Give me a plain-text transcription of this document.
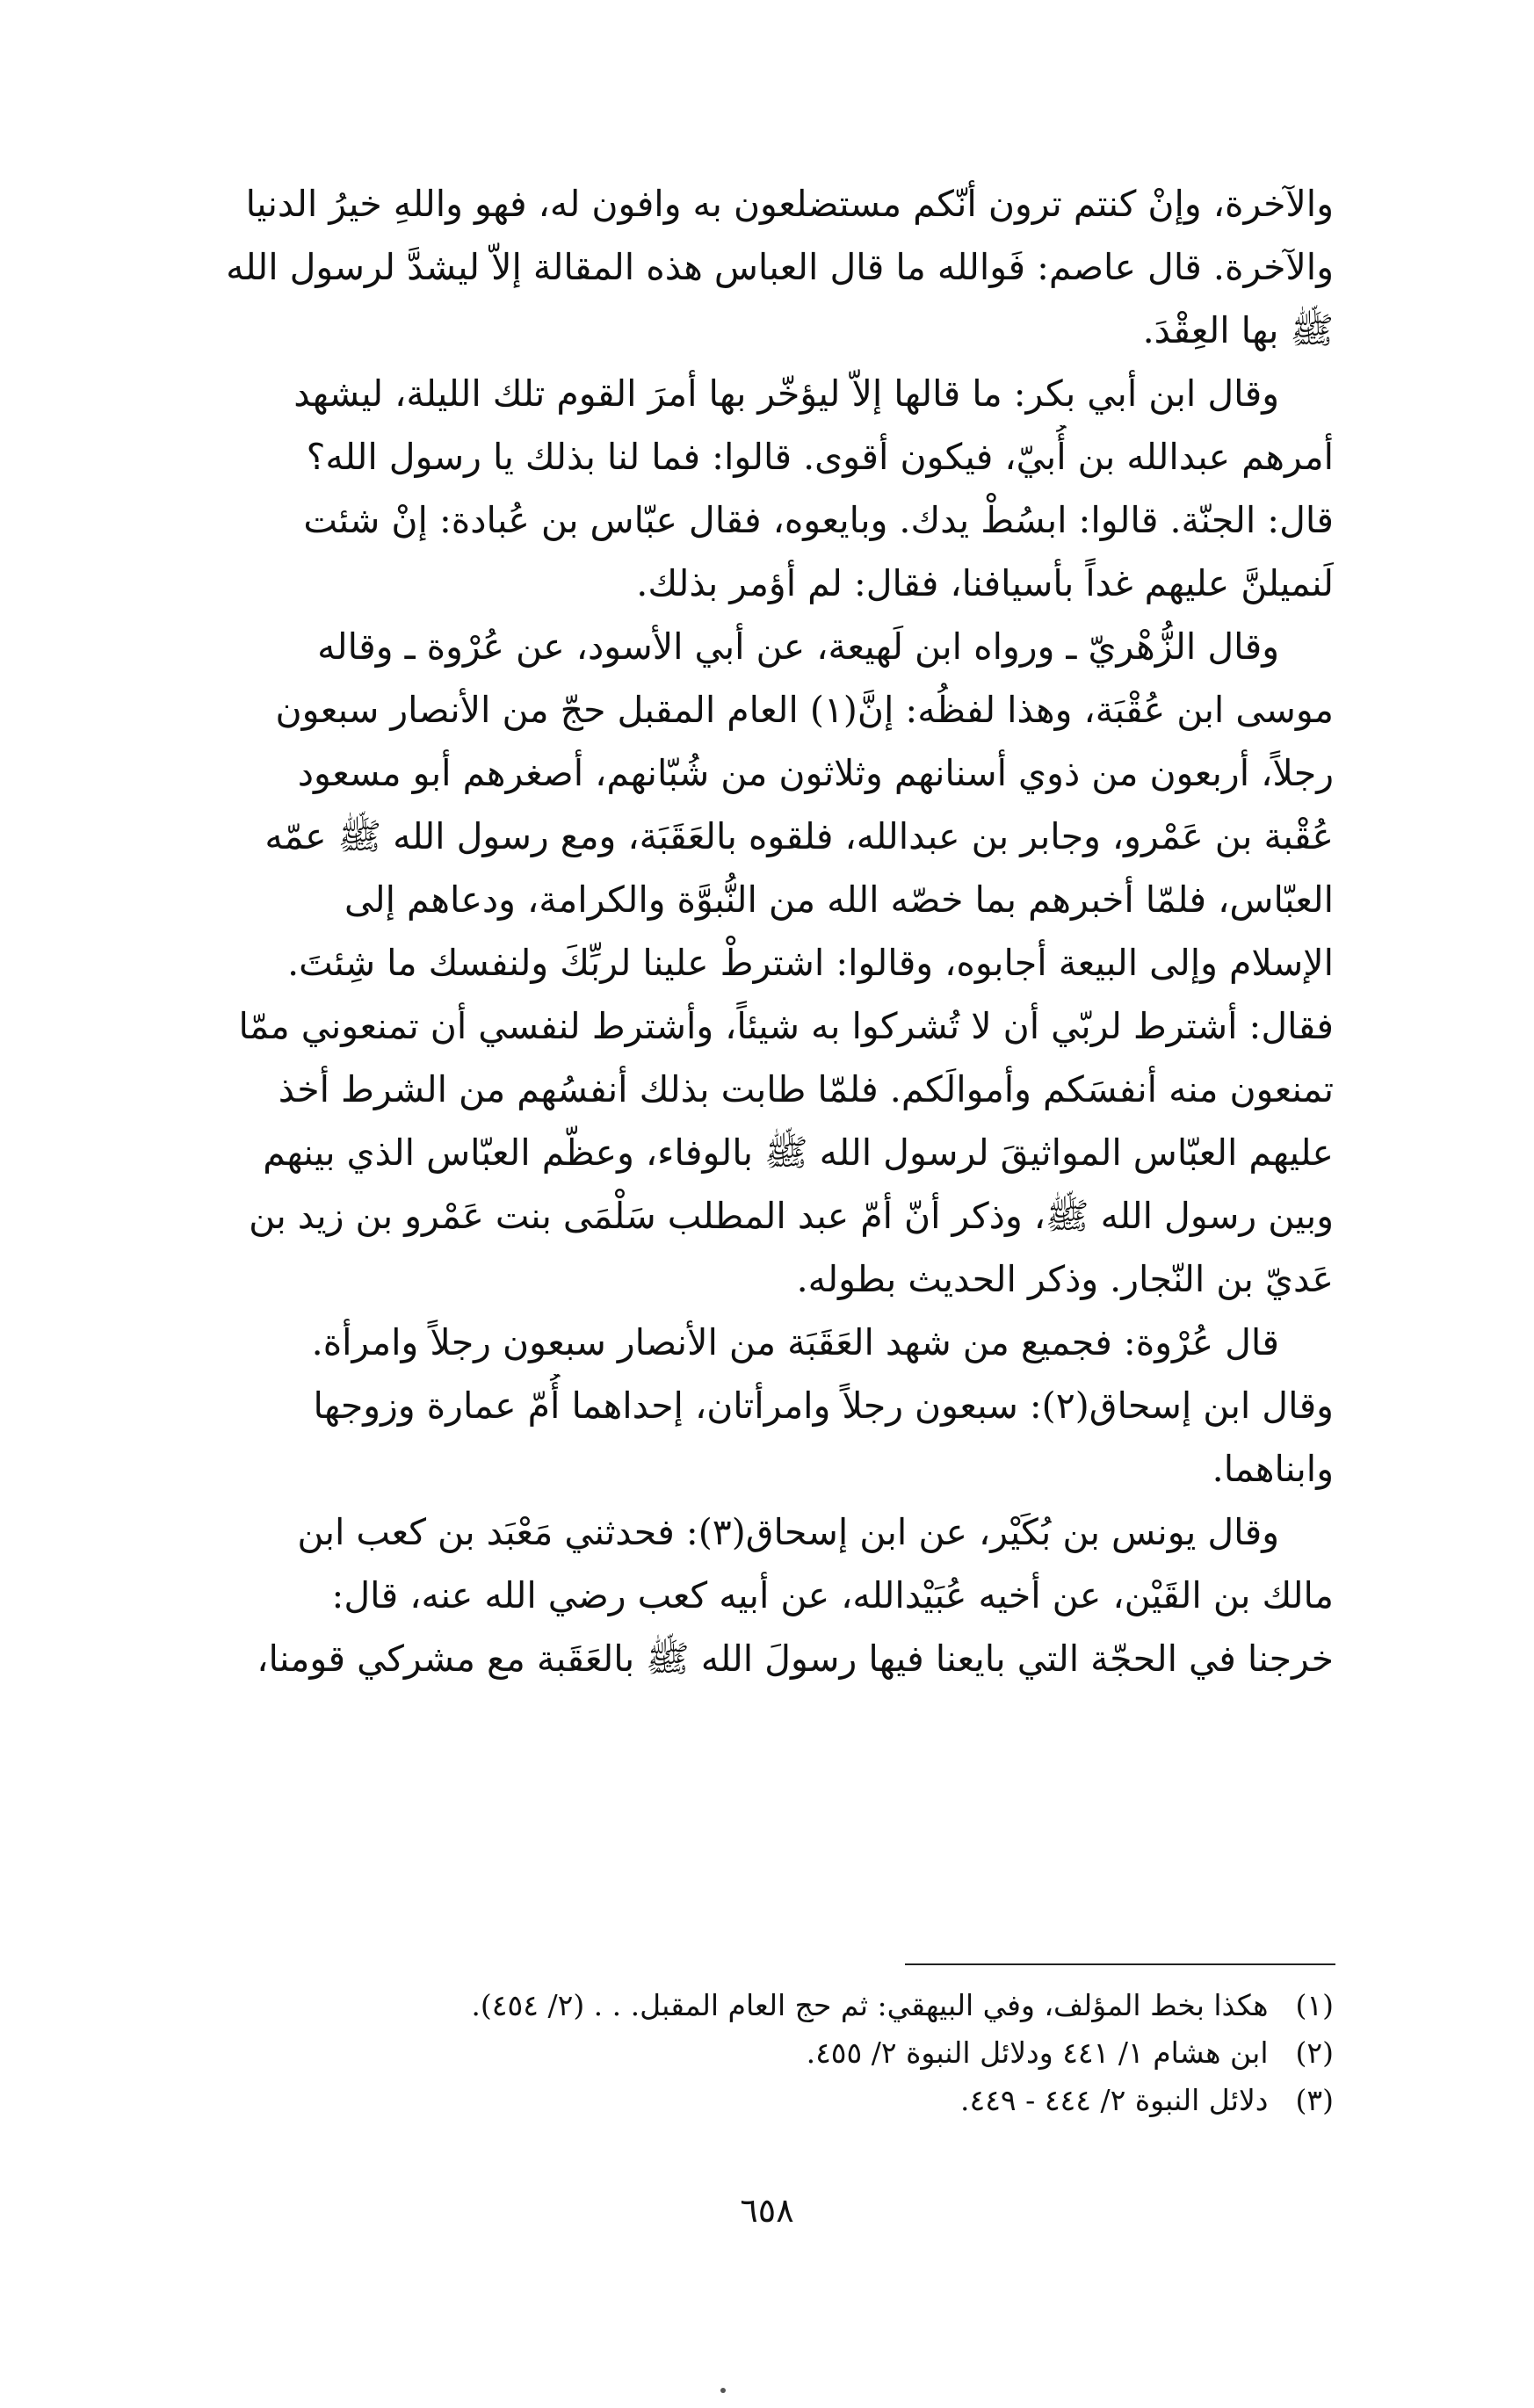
والآخرة، وإنْ كنتم ترون أنّكم مستضلعون به وافون له، فهو واللهِ خيرُ الدنيا
والآخرة. قال عاصم: فَوالله ما قال العباس هذه المقالة إلاّ ليشدَّ لرسول الله
ﷺ بها العِقْدَ.
وقال ابن أبي بكر: ما قالها إلاّ ليؤخّر بها أمرَ القوم تلك الليلة، ليشهد
أمرهم عبدالله بن أُبيّ، فيكون أقوى. قالوا: فما لنا بذلك يا رسول الله؟
قال: الجنّة. قالوا: ابسُطْ يدك. وبايعوه، فقال عبّاس بن عُبادة: إنْ شئت
لَنميلنَّ عليهم غداً بأسيافنا، فقال: لم أؤمر بذلك.
وقال الزُّهْريّ ـ ورواه ابن لَهيعة، عن أبي الأسود، عن عُرْوة ـ وقاله
موسى ابن عُقْبَة، وهذا لفظُه: إنَّ(١) العام المقبل حجّ من الأنصار سبعون
رجلاً، أربعون من ذوي أسنانهم وثلاثون من شُبّانهم، أصغرهم أبو مسعود
عُقْبة بن عَمْرو، وجابر بن عبدالله، فلقوه بالعَقَبَة، ومع رسول الله ﷺ عمّه
العبّاس، فلمّا أخبرهم بما خصّه الله من النُّبوَّة والكرامة، ودعاهم إلى
الإسلام وإلى البيعة أجابوه، وقالوا: اشترطْ علينا لربِّكَ ولنفسك ما شِئتَ.
فقال: أشترط لربّي أن لا تُشركوا به شيئاً، وأشترط لنفسي أن تمنعوني ممّا
تمنعون منه أنفسَكم وأموالَكم. فلمّا طابت بذلك أنفسُهم من الشرط أخذ
عليهم العبّاس المواثيقَ لرسول الله ﷺ بالوفاء، وعظّم العبّاس الذي بينهم
وبين رسول الله ﷺ، وذكر أنّ أمّ عبد المطلب سَلْمَى بنت عَمْرو بن زيد بن
عَديّ بن النّجار. وذكر الحديث بطوله.
قال عُرْوة: فجميع من شهد العَقَبَة من الأنصار سبعون رجلاً وامرأة.
وقال ابن إسحاق(٢): سبعون رجلاً وامرأتان، إحداهما أُمّ عمارة وزوجها
وابناهما.
وقال يونس بن بُكَيْر، عن ابن إسحاق(٣): فحدثني مَعْبَد بن كعب ابن
مالك بن القَيْن، عن أخيه عُبَيْدالله، عن أبيه كعب رضي الله عنه، قال:
خرجنا في الحجّة التي بايعنا فيها رسولَ الله ﷺ بالعَقَبة مع مشركي قومنا،
(١) هكذا بخط المؤلف، وفي البيهقي: ثم حج العام المقبل. . . (٢/ ٤٥٤).
(٢) ابن هشام ١/ ٤٤١ ودلائل النبوة ٢/ ٤٥٥.
(٣) دلائل النبوة ٢/ ٤٤٤ - ٤٤٩.
٦٥٨
